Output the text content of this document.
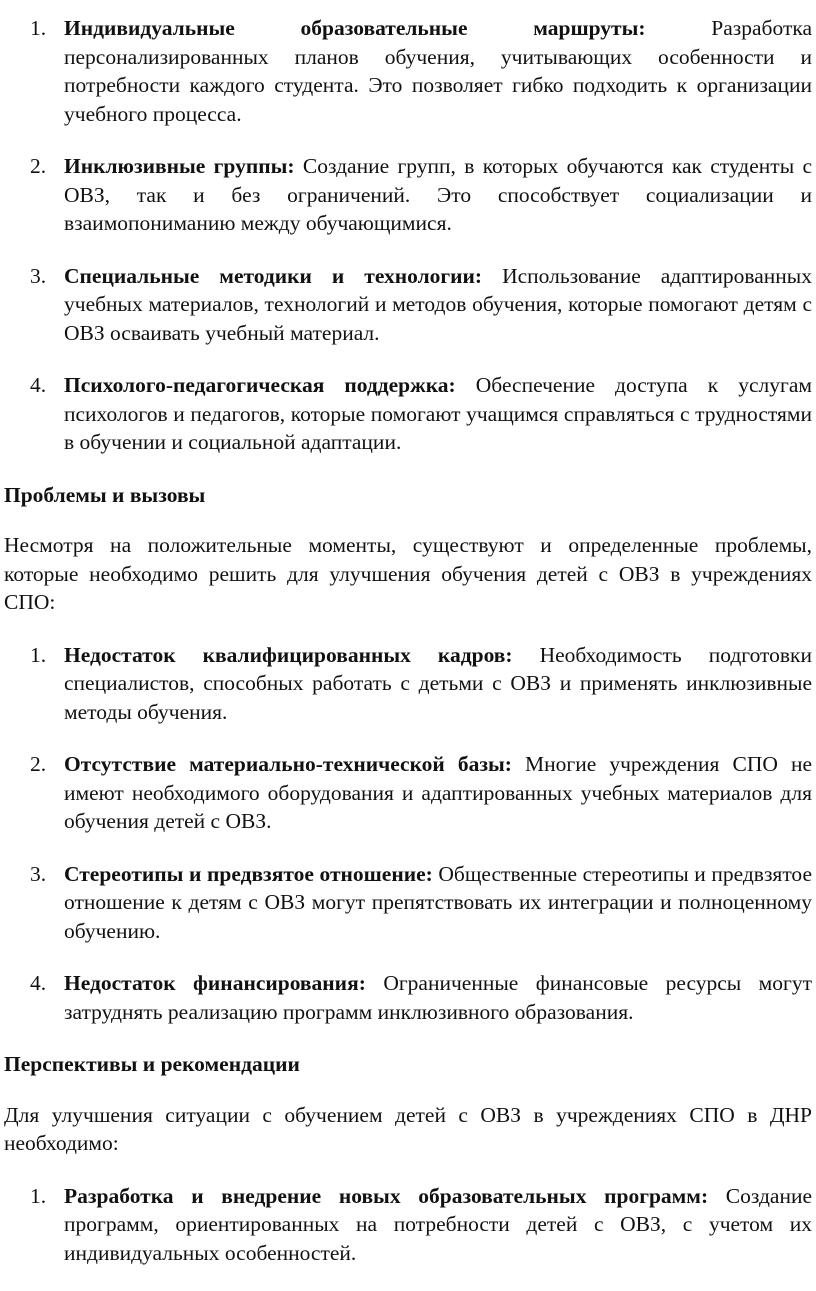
1. Индивидуальные образовательные маршруты:	Разработка персонализированных планов обучения, учитывающих особенности и потребности каждого студента. Это позволяет гибко подходить к организации учебного процесса.
2. Инклюзивные группы: Создание групп, в которых обучаются как студенты с ОВЗ, так и без ограничений. Это способствует социализации и взаимопониманию между обучающимися.
3. Специальные методики и технологии: Использование адаптированных учебных материалов, технологий и методов обучения, которые помогают детям с ОВЗ осваивать учебный материал.
4. Психолого-педагогическая поддержка: Обеспечение доступа к услугам психологов и педагогов, которые помогают учащимся справляться с трудностями в обучении и социальной адаптации.
Проблемы и вызовы
Несмотря на положительные моменты, существуют и определенные проблемы, которые необходимо решить для улучшения обучения детей с ОВЗ в учреждениях СПО:
1. Недостаток квалифицированных кадров: Необходимость подготовки специалистов, способных работать с детьми с ОВЗ и применять инклюзивные методы обучения.
2. Отсутствие материально-технической базы: Многие учреждения СПО не имеют необходимого оборудования и адаптированных учебных материалов для обучения детей с ОВЗ.
3. Стереотипы и предвзятое отношение: Общественные стереотипы и предвзятое отношение к детям с ОВЗ могут препятствовать их интеграции и полноценному обучению.
4. Недостаток финансирования: Ограниченные финансовые ресурсы могут затруднять реализацию программ инклюзивного образования.
Перспективы и рекомендации
Для улучшения ситуации с обучением детей с ОВЗ в учреждениях СПО в ДНР необходимо:
1. Разработка и внедрение новых образовательных программ: Создание программ, ориентированных на потребности детей с ОВЗ, с учетом их индивидуальных особенностей.
